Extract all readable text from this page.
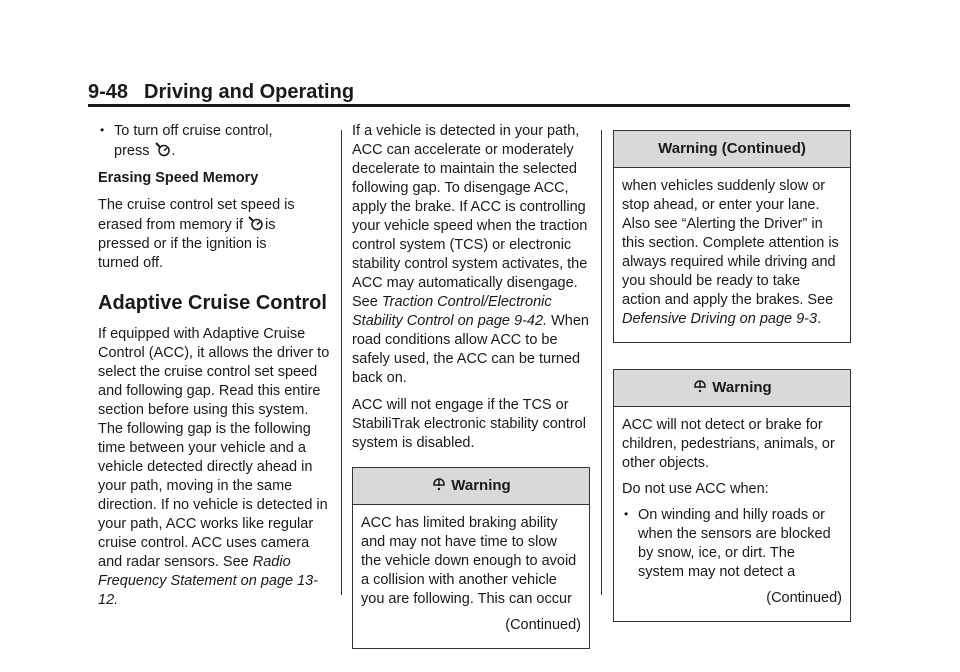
9-48 Driving and Operating

• To turn off cruise control,
press .

Erasing Speed Memory

The cruise control set speed is
erased from memory if is
pressed or if the ignition is
turned off.

Adaptive Cruise Control

If equipped with Adaptive Cruise Control (ACC), it allows the driver to select the cruise control set speed and following gap. Read this entire section before using this system. The following gap is the following time between your vehicle and a vehicle detected directly ahead in your path, moving in the same direction. If no vehicle is detected in your path, ACC works like regular cruise control. ACC uses camera and radar sensors. See Radio Frequency Statement on page 13-12.

If a vehicle is detected in your path, ACC can accelerate or moderately decelerate to maintain the selected following gap. To disengage ACC, apply the brake. If ACC is controlling your vehicle speed when the traction control system (TCS) or electronic stability control system activates, the ACC may automatically disengage. See Traction Control/Electronic Stability Control on page 9-42. When road conditions allow ACC to be safely used, the ACC can be turned back on.

ACC will not engage if the TCS or StabiliTrak electronic stability control system is disabled.

Warning

ACC has limited braking ability and may not have time to slow the vehicle down enough to avoid a collision with another vehicle you are following. This can occur

(Continued)

Warning (Continued)

when vehicles suddenly slow or stop ahead, or enter your lane. Also see “Alerting the Driver” in this section. Complete attention is always required while driving and you should be ready to take action and apply the brakes. See Defensive Driving on page 9-3.

Warning

ACC will not detect or brake for children, pedestrians, animals, or other objects.

Do not use ACC when:

• On winding and hilly roads or when the sensors are blocked by snow, ice, or dirt. The system may not detect a

(Continued)
